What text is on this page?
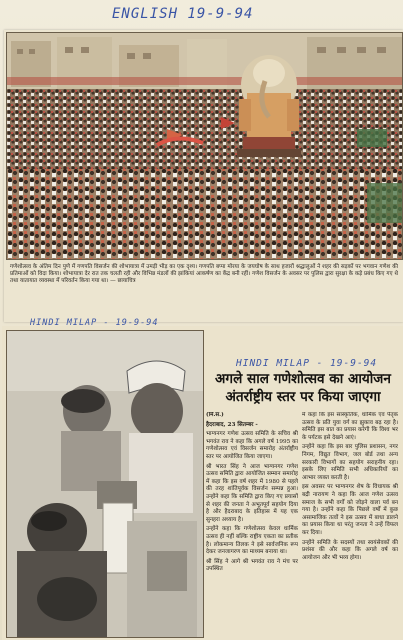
ENGLISH 19-9-94
गणेशोत्सव के अंतिम दिन पुणे में गणपति विसर्जन की शोभायात्रा में उमड़ी भीड़ का एक दृश्य। गणपति बप्पा मोरया के जयघोष के साथ हजारों श्रद्धालुओं ने शहर की सड़कों पर भगवान गणेश की प्रतिमाओं को विदा किया। शोभायात्रा देर रात तक चलती रही और विभिन्न मंडलों की झांकियां आकर्षण का केंद्र बनी रहीं। गणेश विसर्जन के अवसर पर पुलिस द्वारा सुरक्षा के कड़े प्रबंध किए गए थे तथा यातायात व्यवस्था में परिवर्तन किया गया था। — छायाचित्र
HINDI MILAP - 19-9-94
HINDI MILAP - 19-9-94
अगले साल गणेशोत्सव का आयोजन
अंतर्राष्ट्रीय स्तर पर किया जाएगा

(मि.स.)

हैदराबाद, 23 सितम्बर -

भाग्यनगर गणेश उत्सव समिति के सचिव श्री भगवंत राव ने कहा कि अगले वर्ष 1995 का गणेशोत्सव एवं विसर्जन समारोह अंतर्राष्ट्रीय स्तर पर आयोजित किया जाएगा।

श्री भारत सिंह ने आज भाग्यनगर गणेश उत्सव समिति द्वारा आयोजित सम्मान समारोह में कहा कि इस वर्ष शहर में 1980 से पहले की तरह शांतिपूर्वक विसर्जन सम्पन्न हुआ। उन्होंने कहा कि समिति द्वारा किए गए प्रयासों से शहर की जनता ने अभूतपूर्व सहयोग दिया है और हैदराबाद के इतिहास में यह एक सुनहरा अध्याय है।

उन्होंने कहा कि गणेशोत्सव केवल धार्मिक उत्सव ही नहीं बल्कि राष्ट्रीय एकता का प्रतीक है। लोकमान्य तिलक ने इसे सार्वजनिक रूप देकर जनजागरण का माध्यम बनाया था।

श्री सिंह ने आगे श्री भगवंत राव ने मंच पर उपस्थित

में कहा कि इस सांस्कृतिक, धार्मिक एवं पैतृक उत्सव के प्रति युवा वर्ग का झुकाव बढ़ रहा है। समिति इस बात का प्रयास करेगी कि विश्व भर के पर्यटक इसे देखने आएं।

उन्होंने कहा कि इस बार पुलिस प्रशासन, नगर निगम, विद्युत विभाग, जल बोर्ड तथा अन्य सरकारी विभागों का सहयोग सराहनीय रहा। इसके लिए समिति सभी अधिकारियों का आभार व्यक्त करती है।

इस अवसर पर भाग्यनगर शेष के विधायक श्री बद्री नारायण ने कहा कि आज गणेश उत्सव समाज के सभी वर्गों को जोड़ने वाला पर्व बन गया है। उन्होंने कहा कि पिछले वर्षों में कुछ असामाजिक तत्वों ने इस उत्सव में बाधा डालने का प्रयास किया था परंतु जनता ने उन्हें विफल कर दिया।

उन्होंने समिति के सदस्यों तथा स्वयंसेवकों की प्रशंसा की और कहा कि अगले वर्ष का आयोजन और भी भव्य होगा।
